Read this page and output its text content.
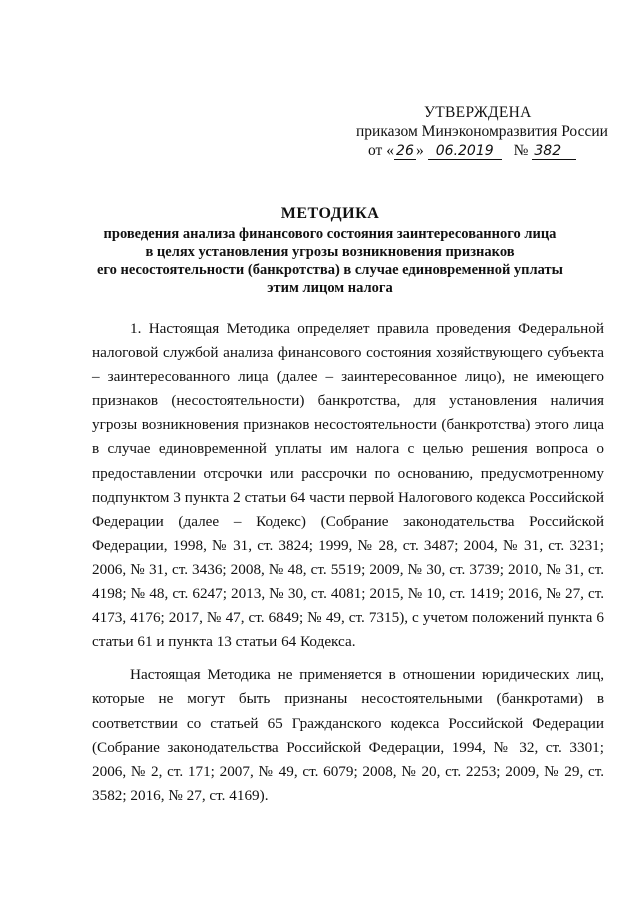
УТВЕРЖДЕНА
приказом Минэкономразвития России
от « 26 » 06.2019 № 382
МЕТОДИКА
проведения анализа финансового состояния заинтересованного лица
в целях установления угрозы возникновения признаков
его несостоятельности (банкротства) в случае единовременной уплаты
этим лицом налога

1. Настоящая Методика определяет правила проведения Федеральной налоговой службой анализа финансового состояния хозяйствующего субъекта – заинтересованного лица (далее – заинтересованное лицо), не имеющего признаков (несостоятельности) банкротства, для установления наличия угрозы возникновения признаков несостоятельности (банкротства) этого лица в случае единовременной уплаты им налога с целью решения вопроса о предоставлении отсрочки или рассрочки по основанию, предусмотренному подпунктом 3 пункта 2 статьи 64 части первой Налогового кодекса Российской Федерации (далее – Кодекс) (Собрание законодательства Российской Федерации, 1998, № 31, ст. 3824; 1999, № 28, ст. 3487; 2004, № 31, ст. 3231; 2006, № 31, ст. 3436; 2008, № 48, ст. 5519; 2009, № 30, ст. 3739; 2010, № 31, ст. 4198; № 48, ст. 6247; 2013, № 30, ст. 4081; 2015, № 10, ст. 1419; 2016, № 27, ст. 4173, 4176; 2017, № 47, ст. 6849; № 49, ст. 7315), с учетом положений пункта 6 статьи 61 и пункта 13 статьи 64 Кодекса.

Настоящая Методика не применяется в отношении юридических лиц, которые не могут быть признаны несостоятельными (банкротами) в соответствии со статьей 65 Гражданского кодекса Российской Федерации (Собрание законодательства Российской Федерации, 1994, № 32, ст. 3301; 2006, № 2, ст. 171; 2007, № 49, ст. 6079; 2008, № 20, ст. 2253; 2009, № 29, ст. 3582; 2016, № 27, ст. 4169).
